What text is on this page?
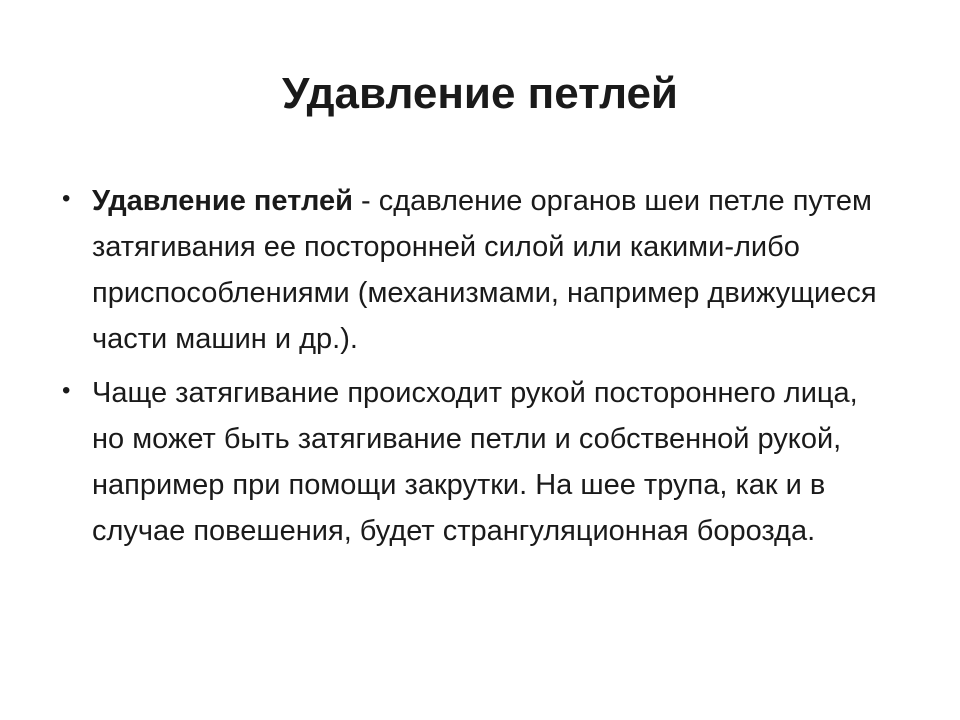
Удавление петлей
• Удавление петлей - сдавление органов шеи петле путем затягивания ее посторонней силой или какими-либо приспособлениями (механизмами, например движущиеся части машин и др.).
• Чаще затягивание происходит рукой постороннего лица, но может быть затягивание петли и собственной рукой, например при помощи закрутки. На шее трупа, как и в случае повешения, будет странгуляционная борозда.
